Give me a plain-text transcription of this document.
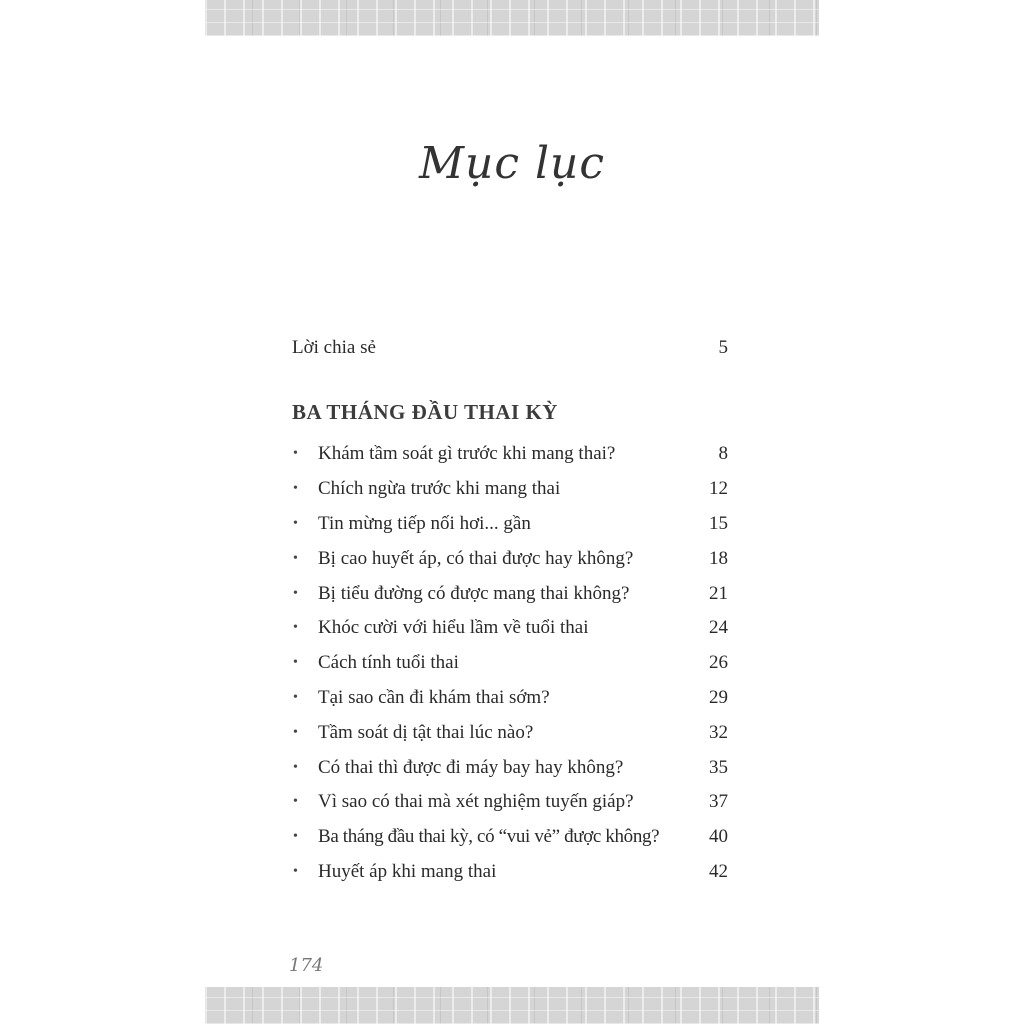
Mục lục
Lời chia sẻ	5
BA THÁNG ĐẦU THAI KỲ
•	Khám tầm soát gì trước khi mang thai?	8
•	Chích ngừa trước khi mang thai	12
•	Tin mừng tiếp nối hơi... gần	15
•	Bị cao huyết áp, có thai được hay không?	18
•	Bị tiểu đường có được mang thai không?	21
•	Khóc cười với hiểu lầm về tuổi thai	24
•	Cách tính tuổi thai	26
•	Tại sao cần đi khám thai sớm?	29
•	Tầm soát dị tật thai lúc nào?	32
•	Có thai thì được đi máy bay hay không?	35
•	Vì sao có thai mà xét nghiệm tuyến giáp?	37
•	Ba tháng đầu thai kỳ, có “vui vẻ” được không?	40
•	Huyết áp khi mang thai	42
174
